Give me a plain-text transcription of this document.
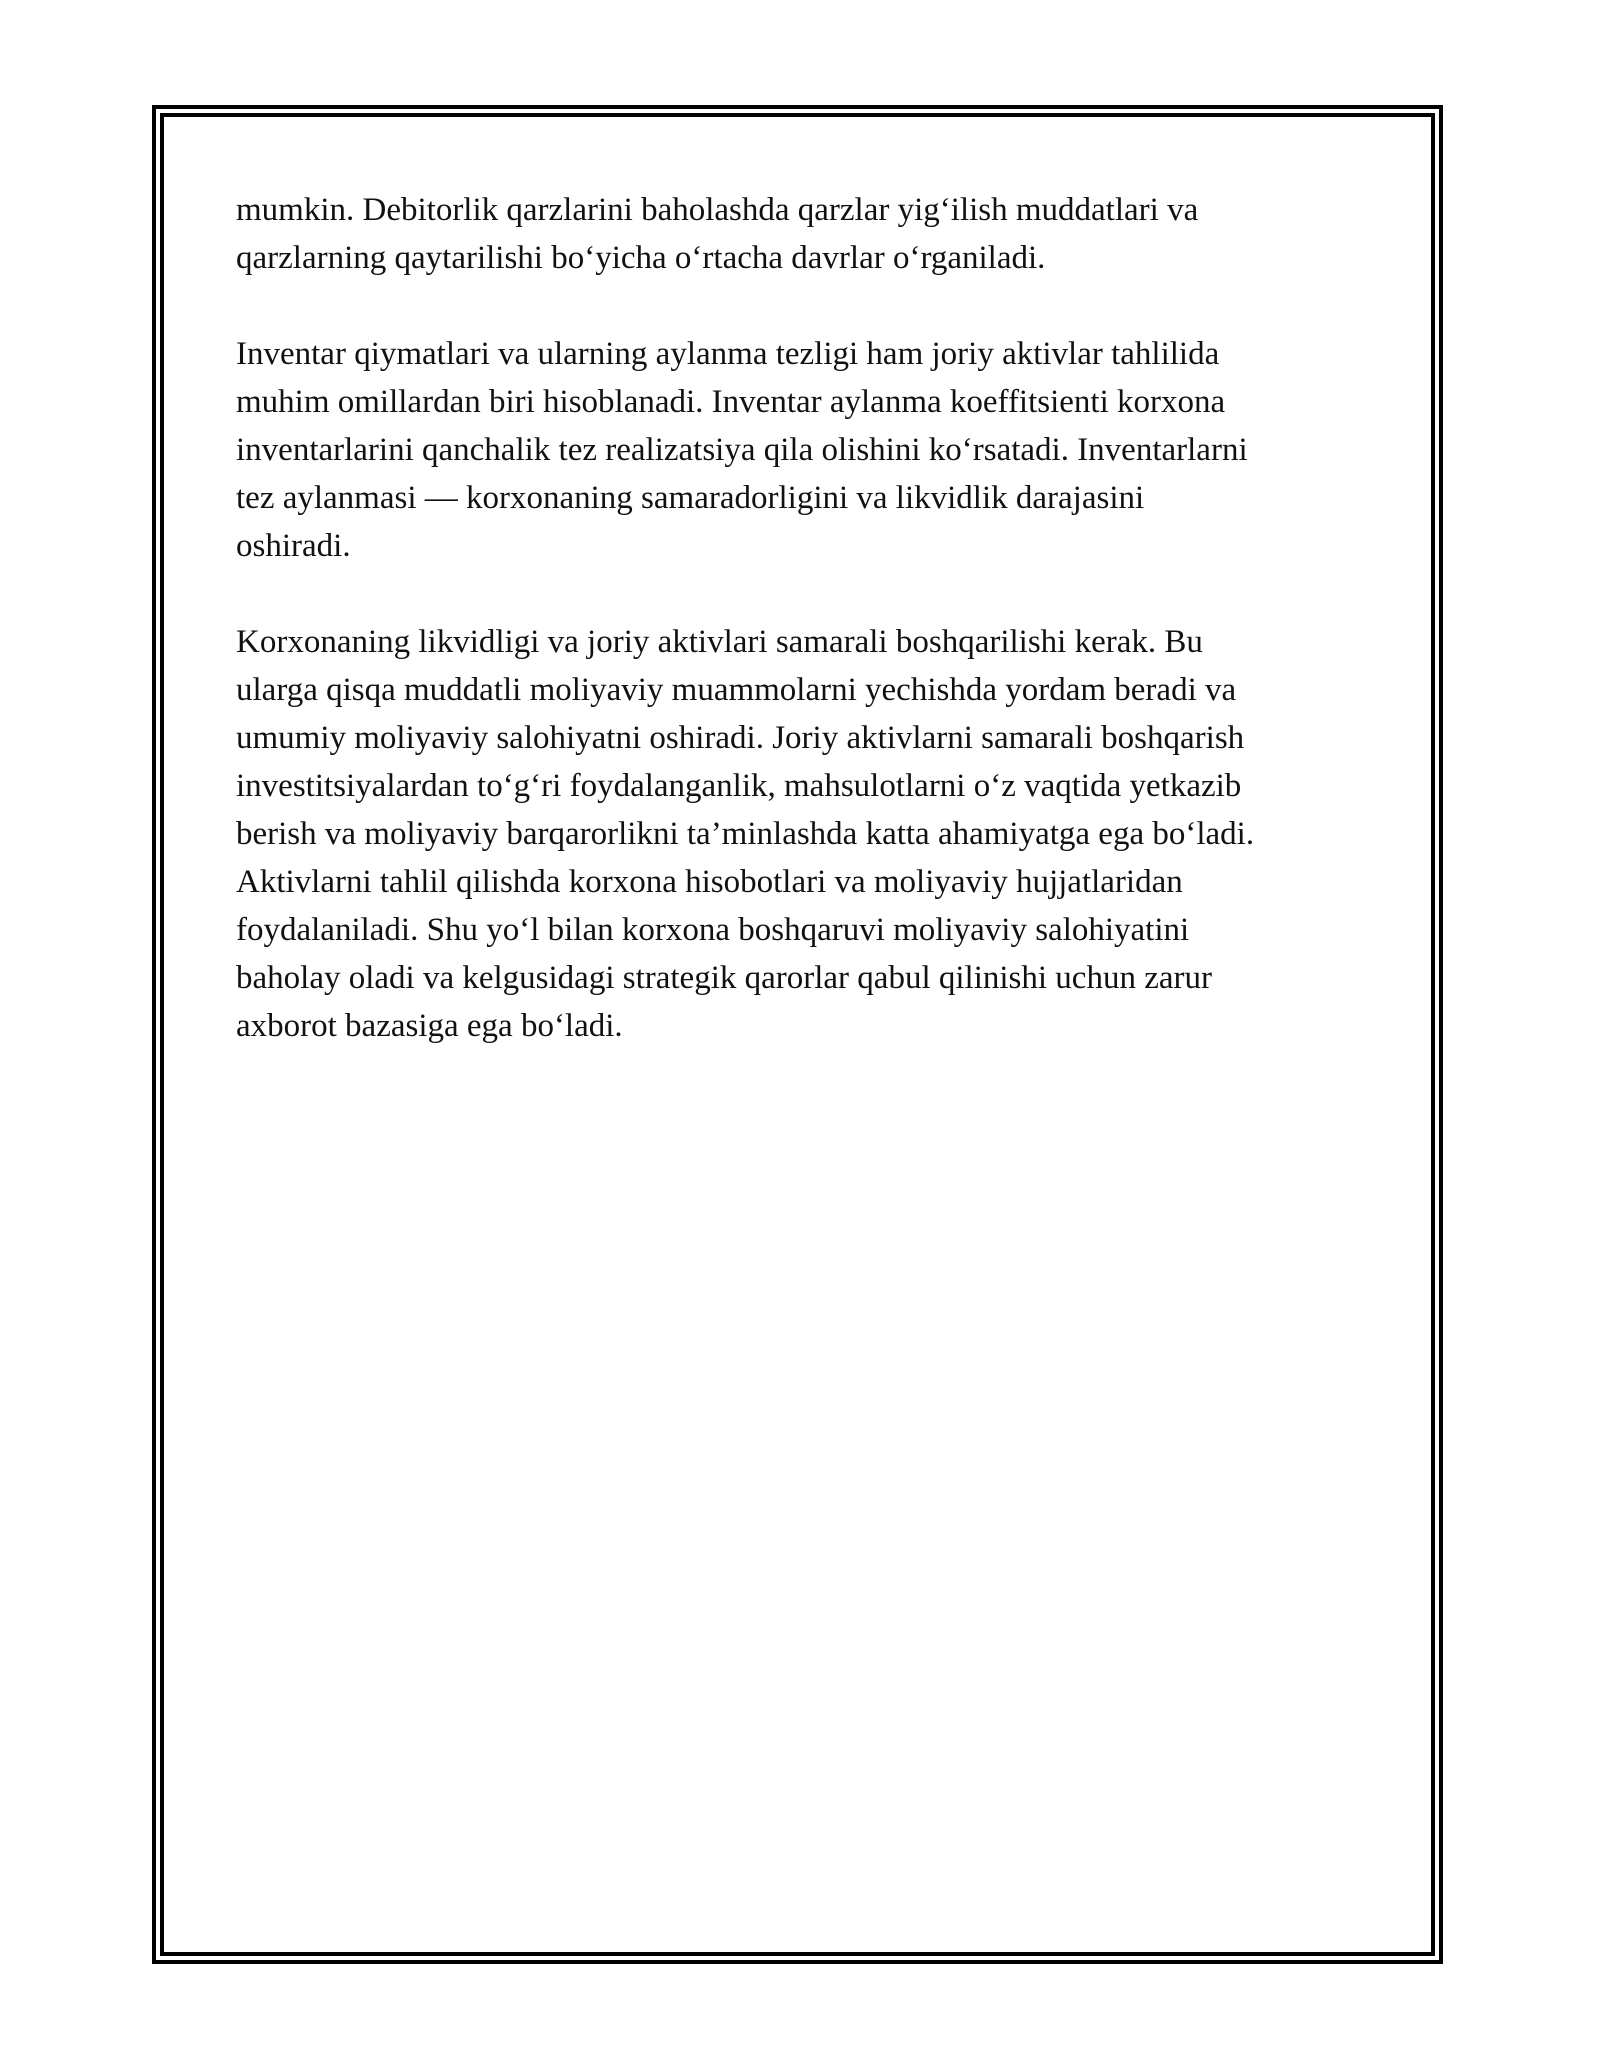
mumkin. Debitorlik qarzlarini baholashda qarzlar yig‘ilish muddatlari va
qarzlarning qaytarilishi bo‘yicha o‘rtacha davrlar o‘rganiladi.

Inventar qiymatlari va ularning aylanma tezligi ham joriy aktivlar tahlilida
muhim omillardan biri hisoblanadi. Inventar aylanma koeffitsienti korxona
inventarlarini qanchalik tez realizatsiya qila olishini ko‘rsatadi. Inventarlarni
tez aylanmasi — korxonaning samaradorligini va likvidlik darajasini
oshiradi.

Korxonaning likvidligi va joriy aktivlari samarali boshqarilishi kerak. Bu
ularga qisqa muddatli moliyaviy muammolarni yechishda yordam beradi va
umumiy moliyaviy salohiyatni oshiradi. Joriy aktivlarni samarali boshqarish
investitsiyalardan to‘g‘ri foydalanganlik, mahsulotlarni o‘z vaqtida yetkazib
berish va moliyaviy barqarorlikni ta’minlashda katta ahamiyatga ega bo‘ladi.
Aktivlarni tahlil qilishda korxona hisobotlari va moliyaviy hujjatlaridan
foydalaniladi. Shu yo‘l bilan korxona boshqaruvi moliyaviy salohiyatini
baholay oladi va kelgusidagi strategik qarorlar qabul qilinishi uchun zarur
axborot bazasiga ega bo‘ladi.
